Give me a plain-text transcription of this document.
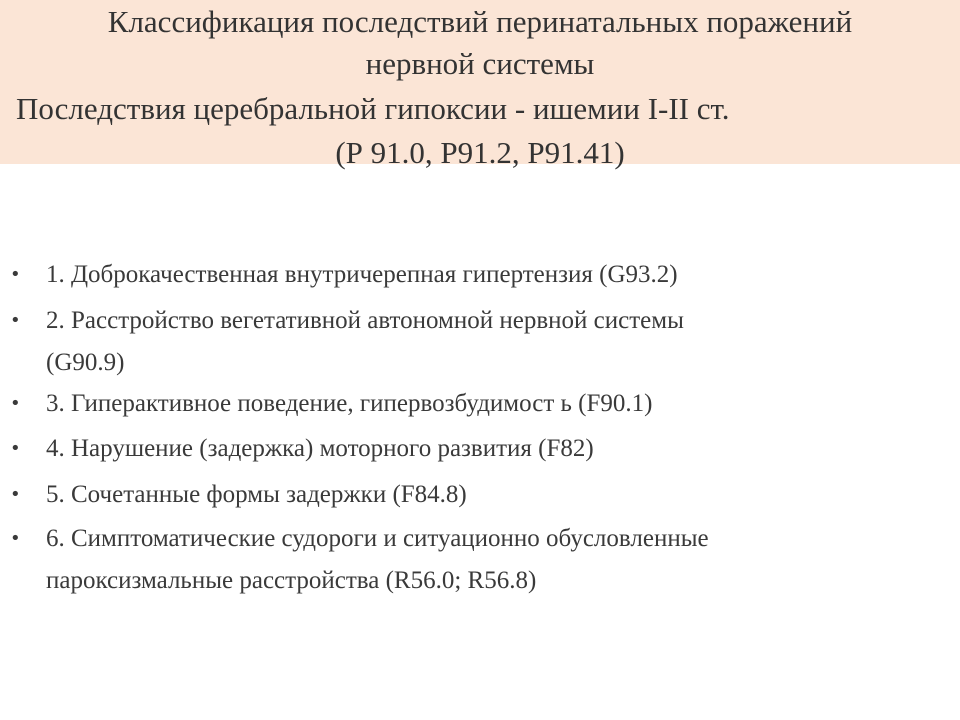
Классификация последствий перинатальных поражений
нервной системы
Последствия церебральной гипоксии - ишемии I-II ст.
(Р 91.0, Р91.2, Р91.41)
• 1. Доброкачественная внутричерепная гипертензия (G93.2)
• 2. Расстройство вегетативной автономной нервной системы
(G90.9)
• 3. Гиперактивное поведение, гипервозбудимост ь (F90.1)
• 4. Нарушение (задержка) моторного развития (F82)
• 5. Сочетанные формы задержки (F84.8)
• 6. Симптоматические судороги и ситуационно обусловленные
пароксизмальные расстройства (R56.0; R56.8)
